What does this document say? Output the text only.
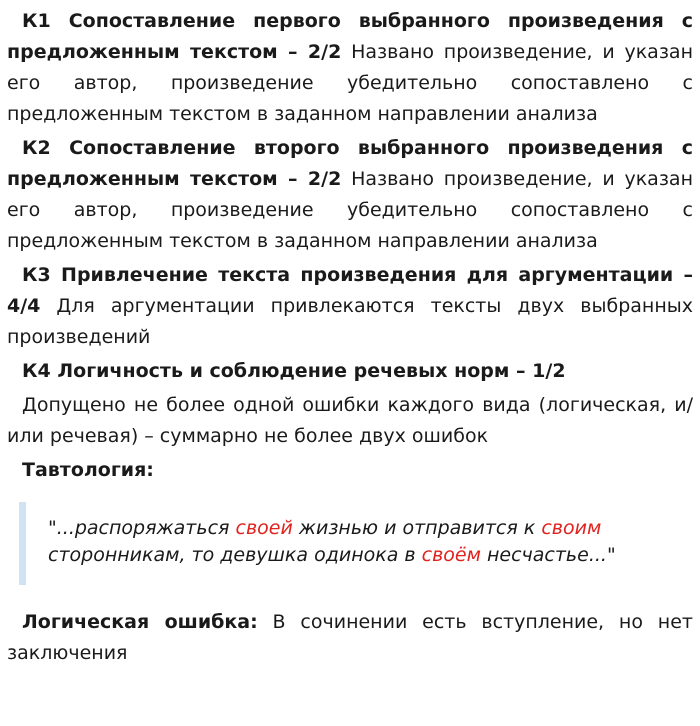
К1 Сопоставление первого выбранного произведения с предложенным текстом – 2/2 Названо произведение, и указан его автор, произведение убедительно сопоставлено с предложенным текстом в заданном направлении анализа

К2 Сопоставление второго выбранного произведения с предложенным текстом – 2/2 Названо произведение, и указан его автор, произведение убедительно сопоставлено с предложенным текстом в заданном направлении анализа

К3 Привлечение текста произведения для аргументации – 4/4 Для аргументации привлекаются тексты двух выбранных произведений

К4 Логичность и соблюдение речевых норм – 1/2

Допущено не более одной ошибки каждого вида (логическая, и/или речевая) – суммарно не более двух ошибок

Тавтология:

"...распоряжаться своей жизнью и отправится к своим сторонникам, то девушка одинока в своём несчастье..."

Логическая ошибка: В сочинении есть вступление, но нет заключения
